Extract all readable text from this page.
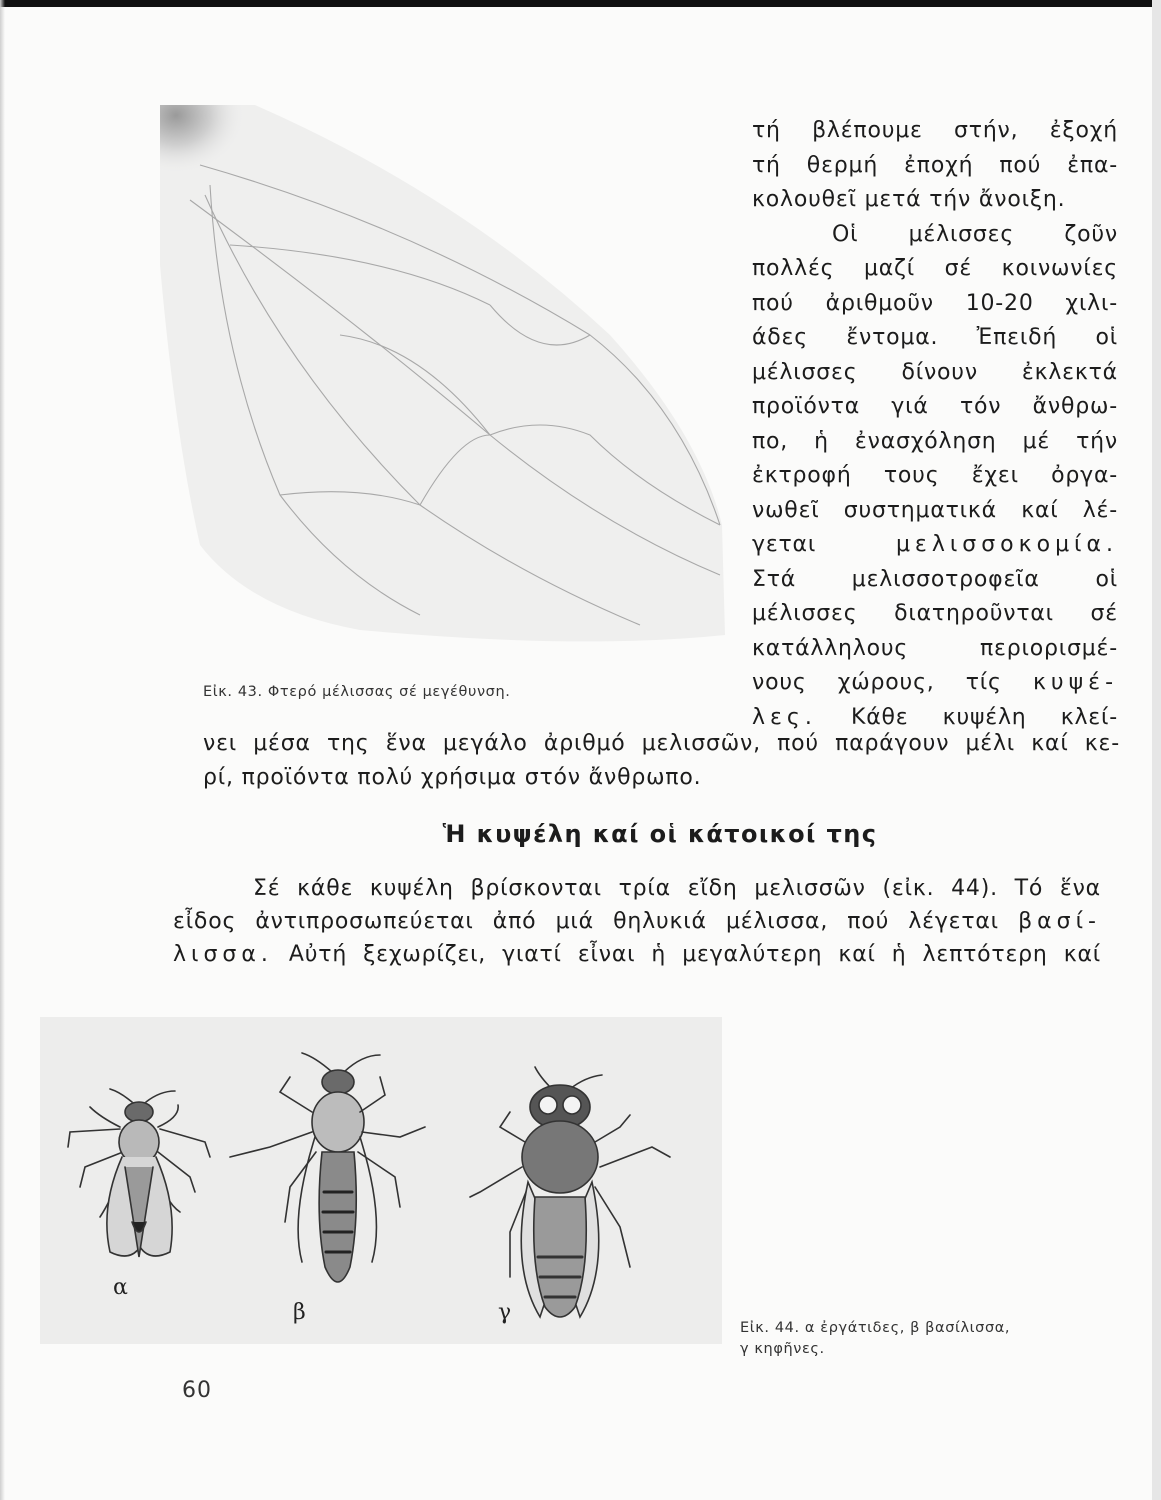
Εἰκ. 43. Φτερό μέλισσας σέ μεγέθυνση.
τή βλέπουμε στήν, ἐξοχή
τή θερμή ἐποχή πού ἐπα-
κολουθεῖ μετά τήν ἄνοιξη.
Οἱ μέλισσες ζοῦν
πολλές μαζί σέ κοινωνίες
πού ἀριθμοῦν 10-20 χιλι-
άδες ἔντομα. Ἐπειδή οἱ
μέλισσες δίνουν ἐκλεκτά
προϊόντα γιά τόν ἄνθρω-
πο, ἡ ἐνασχόληση μέ τήν
ἐκτροφή τους ἔχει ὀργα-
νωθεῖ συστηματικά καί λέ-
γεται	μελισσοκομία.
Στά μελισσοτροφεῖα οἱ
μέλισσες διατηροῦνται σέ
κατάλληλους περιορισμέ-
νους χώρους, τίς κυψέ-
λες. Κάθε κυψέλη κλεί-
νει μέσα της ἕνα μεγάλο ἀριθμό μελισσῶν, πού παράγουν μέλι καί κε-
ρί, προϊόντα πολύ χρήσιμα στόν ἄνθρωπο.
Ἡ κυψέλη καί οἱ κάτοικοί της
Σέ κάθε κυψέλη βρίσκονται τρία εἴδη μελισσῶν (εἰκ. 44). Τό ἕνα
εἶδος ἀντιπροσωπεύεται ἀπό μιά θηλυκιά μέλισσα, πού λέγεται βασί-
λισσα. Αὐτή ξεχωρίζει, γιατί εἶναι ἡ μεγαλύτερη καί ἡ λεπτότερη καί
α
β	γ
Εἰκ. 44. α ἐργάτιδες, β βασίλισσα,
γ κηφῆνες.
60
